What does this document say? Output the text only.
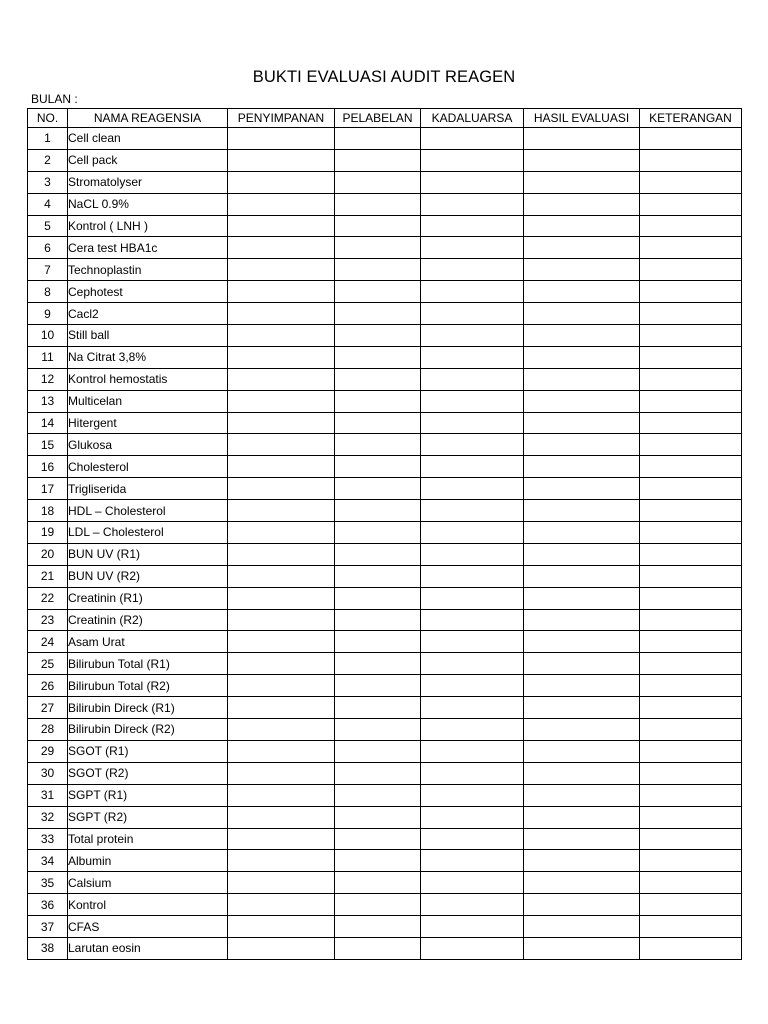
BUKTI EVALUASI AUDIT REAGEN
BULAN :
NO.	NAMA REAGENSIA	PENYIMPANAN	PELABELAN	KADALUARSA	HASIL EVALUASI	KETERANGAN
1	Cell clean					
2	Cell pack					
3	Stromatolyser					
4	NaCL 0.9%					
5	Kontrol ( LNH )					
6	Cera test HBA1c					
7	Technoplastin					
8	Cephotest					
9	Cacl2					
10	Still ball					
11	Na Citrat 3,8%					
12	Kontrol hemostatis					
13	Multicelan					
14	Hitergent					
15	Glukosa					
16	Cholesterol					
17	Trigliserida					
18	HDL – Cholesterol					
19	LDL – Cholesterol					
20	BUN UV (R1)					
21	BUN UV (R2)					
22	Creatinin (R1)					
23	Creatinin (R2)					
24	Asam Urat					
25	Bilirubun Total (R1)					
26	Bilirubun Total (R2)					
27	Bilirubin Direck (R1)					
28	Bilirubin Direck (R2)					
29	SGOT (R1)					
30	SGOT (R2)					
31	SGPT (R1)					
32	SGPT (R2)					
33	Total protein					
34	Albumin					
35	Calsium					
36	Kontrol					
37	CFAS					
38	Larutan eosin					
